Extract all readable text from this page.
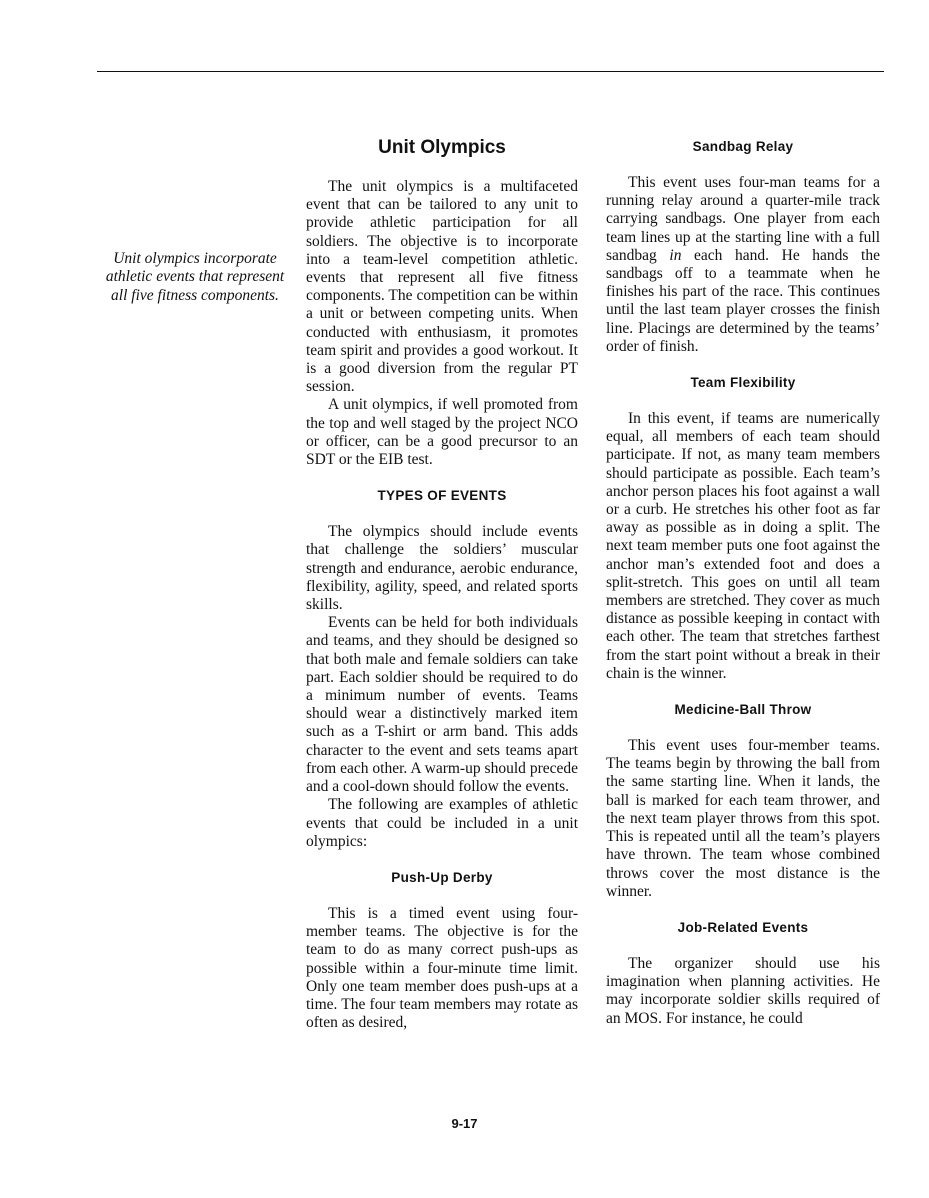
Unit olympics incorporate athletic events that represent all five fitness components.
Unit Olympics

The unit olympics is a multifaceted event that can be tailored to any unit to provide athletic participation for all soldiers. The objective is to incorporate into a team-level competition athletic. events that represent all five fitness components. The competition can be within a unit or between competing units. When conducted with enthusiasm, it promotes team spirit and provides a good workout. It is a good diversion from the regular PT session.

A unit olympics, if well promoted from the top and well staged by the project NCO or officer, can be a good precursor to an SDT or the EIB test.

TYPES OF EVENTS

The olympics should include events that challenge the soldiers’ muscular strength and endurance, aerobic endurance, flexibility, agility, speed, and related sports skills.

Events can be held for both individuals and teams, and they should be designed so that both male and female soldiers can take part. Each soldier should be required to do a minimum number of events. Teams should wear a distinctively marked item such as a T-shirt or arm band. This adds character to the event and sets teams apart from each other. A warm-up should precede and a cool-down should follow the events.

The following are examples of athletic events that could be included in a unit olympics:

Push-Up Derby

This is a timed event using four-member teams. The objective is for the team to do as many correct push-ups as possible within a four-minute time limit. Only one team member does push-ups at a time. The four team members may rotate as often as desired,

Sandbag Relay

This event uses four-man teams for a running relay around a quarter-mile track carrying sandbags. One player from each team lines up at the starting line with a full sandbag in each hand. He hands the sandbags off to a teammate when he finishes his part of the race. This continues until the last team player crosses the finish line. Placings are determined by the teams’ order of finish.

Team Flexibility

In this event, if teams are numerically equal, all members of each team should participate. If not, as many team members should participate as possible. Each team’s anchor person places his foot against a wall or a curb. He stretches his other foot as far away as possible as in doing a split. The next team member puts one foot against the anchor man’s extended foot and does a split-stretch. This goes on until all team members are stretched. They cover as much distance as possible keeping in contact with each other. The team that stretches farthest from the start point without a break in their chain is the winner.

Medicine-Ball Throw

This event uses four-member teams. The teams begin by throwing the ball from the same starting line. When it lands, the ball is marked for each team thrower, and the next team player throws from this spot. This is repeated until all the team’s players have thrown. The team whose combined throws cover the most distance is the winner.

Job-Related Events

The organizer should use his imagination when planning activities. He may incorporate soldier skills required of an MOS. For instance, he could

9-17
